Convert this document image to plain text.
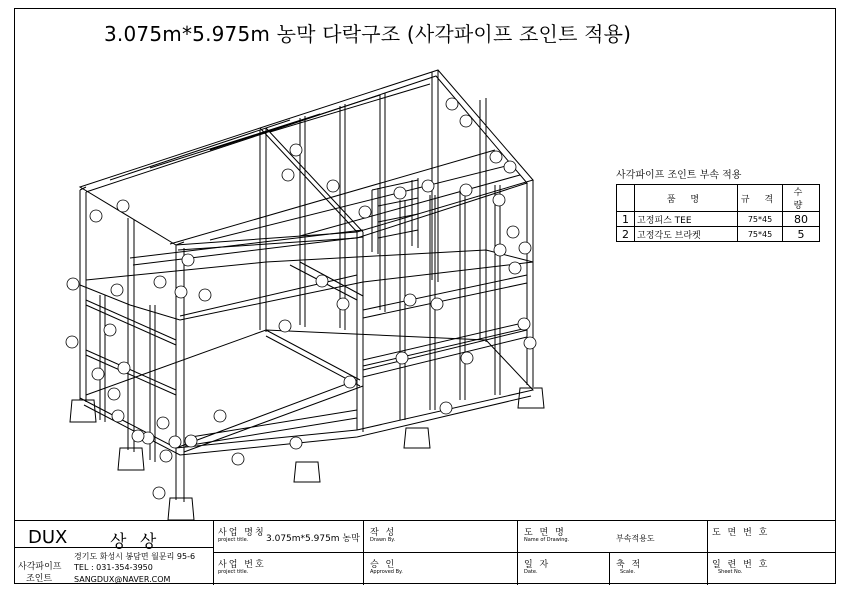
3.075m*5.975m 농막 다락구조 (사각파이프 조인트 적용)
사각파이프 조인트 부속 적용
	품 명	규 격	수 량
1	고정피스 TEE	75*45	80
2	고정각도 브라켓	75*45	5
DUX	상 상
사각파이프
조인트
경기도 화성시 봉담면 월문리 95-6
TEL : 031-354-3950
SANGDUX@NAVER.COM
사업 명칭
project title. 3.075m*5.975m 농막
사업 번호
project title.
작 성
Drawn By.
승 인
Approved By.
도 면 명
Name of Drawing.	부속적용도
일 자
Date.
축 적
Scale.
도 면 번 호
일 련 번 호
Sheet No.
